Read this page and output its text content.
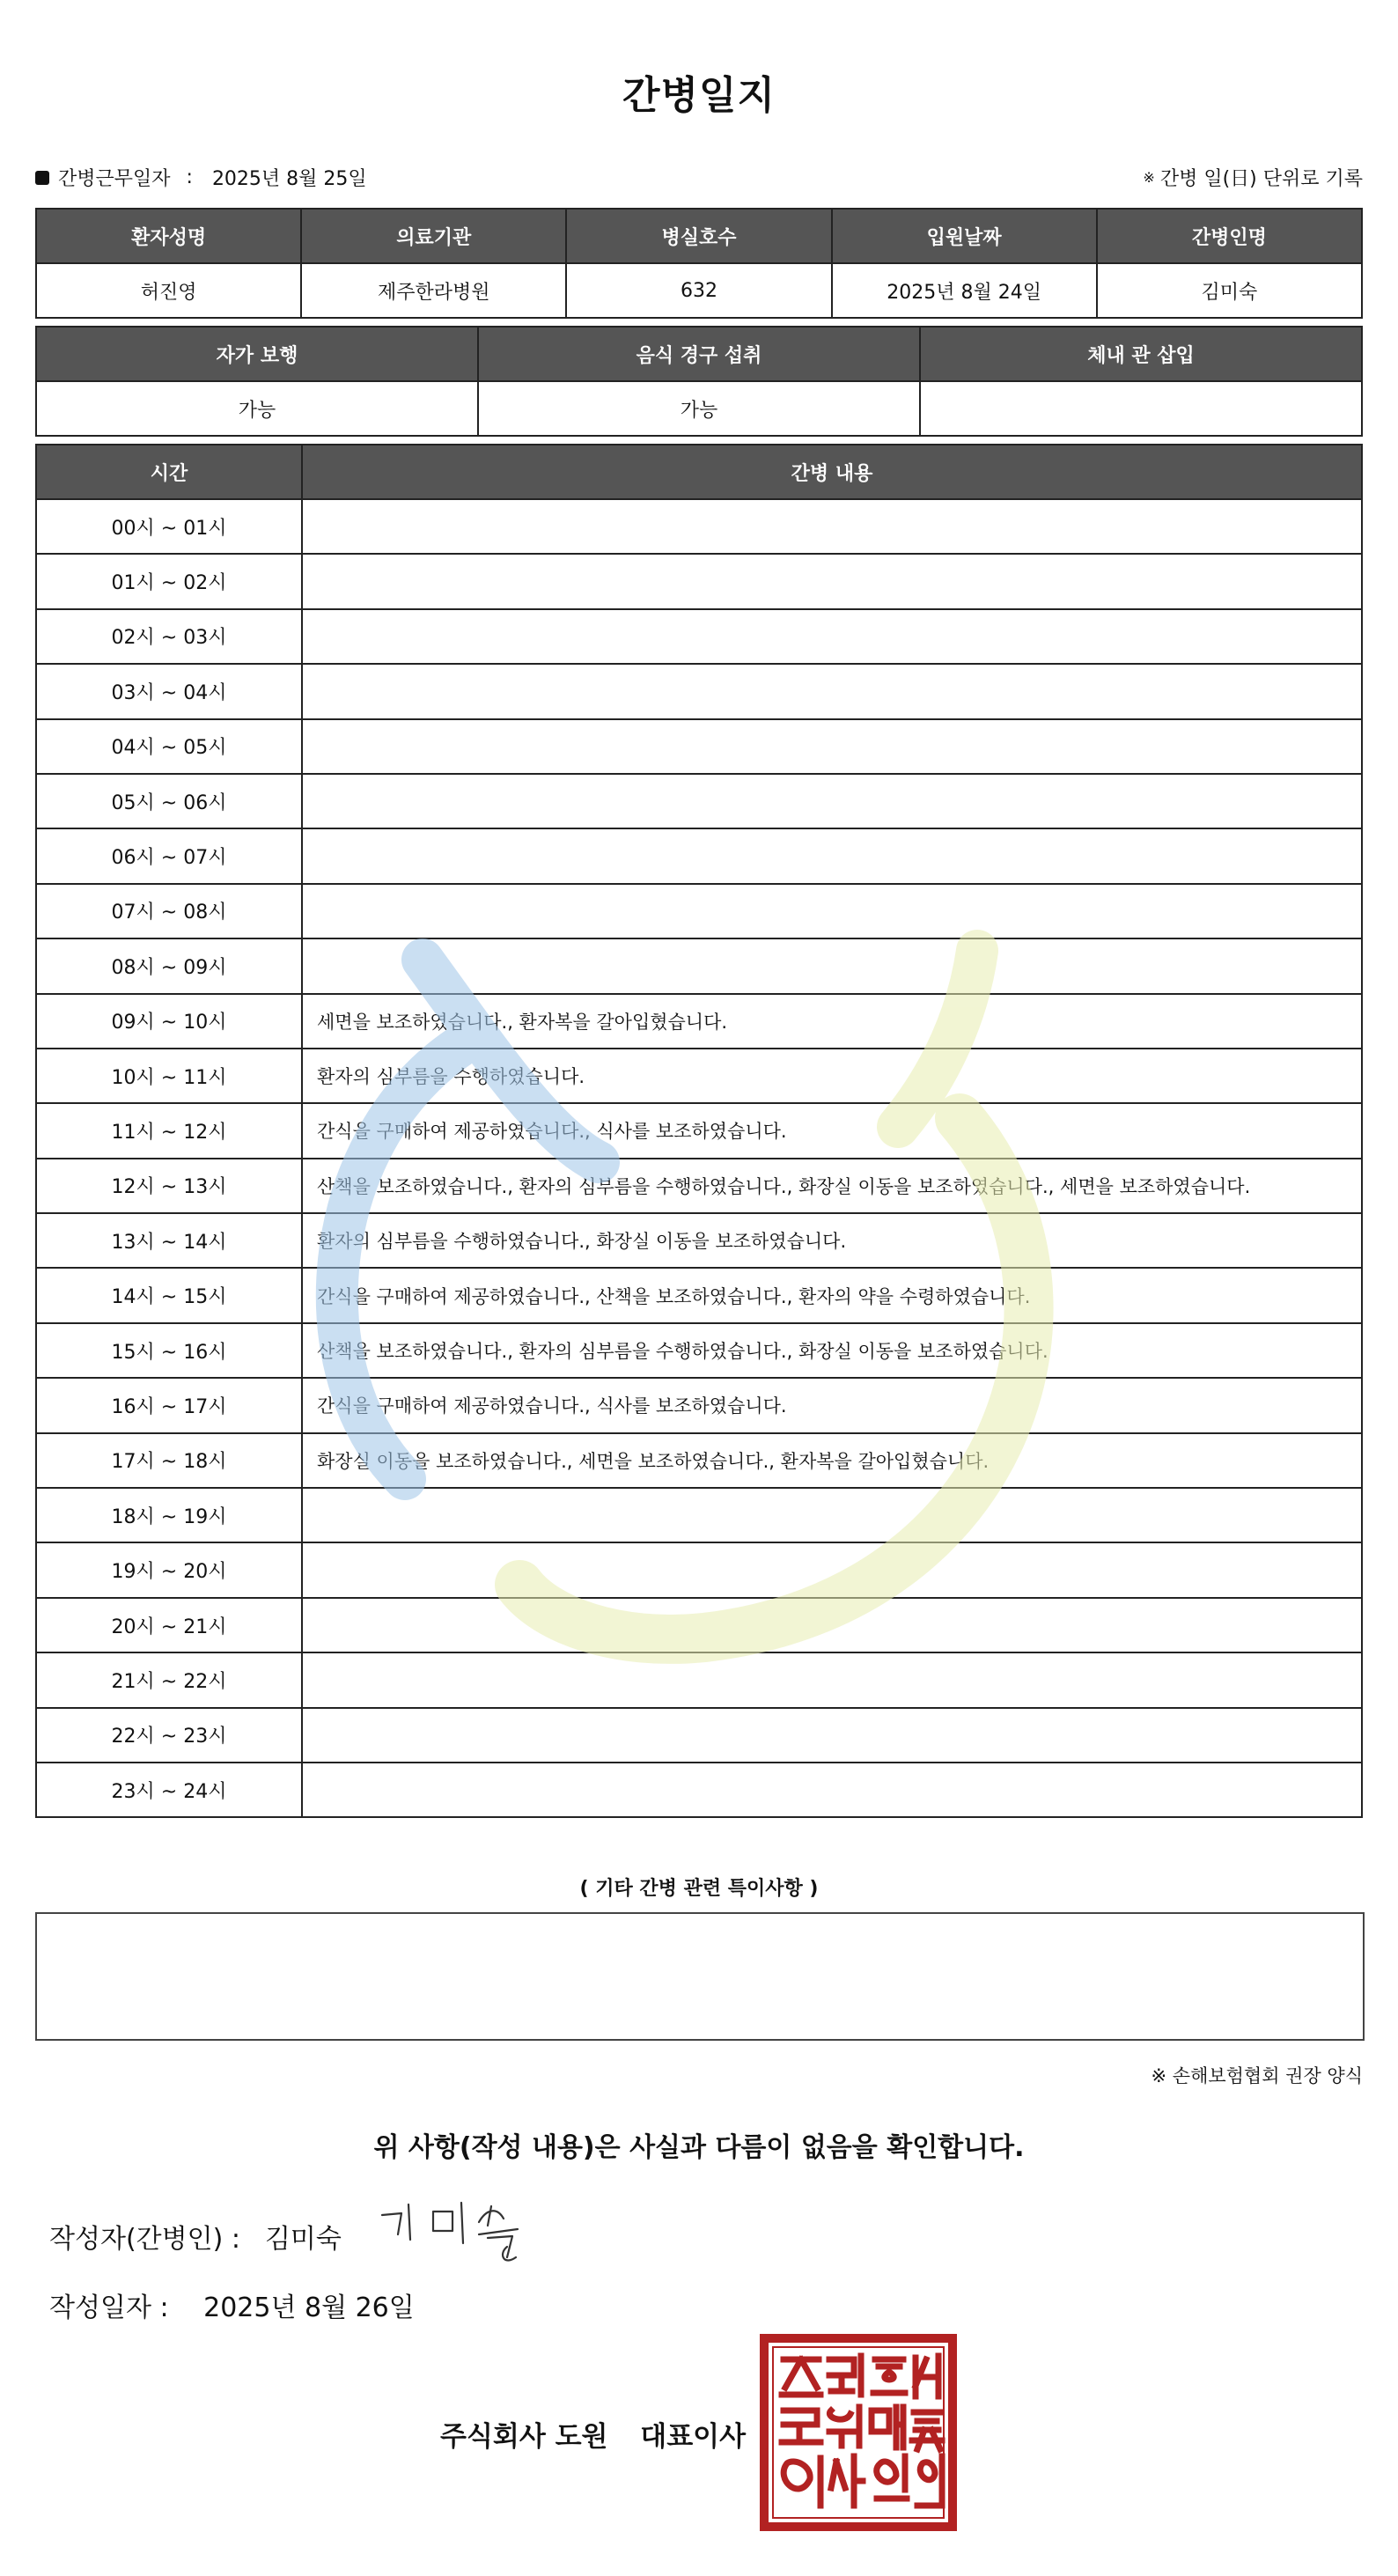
간병일지
간병근무일자 : 2025년 8월 25일	※ 간병 일(日) 단위로 기록
환자성명	의료기관	병실호수	입원날짜	간병인명
허진영	제주한라병원	632	2025년 8월 24일	김미숙
자가 보행	음식 경구 섭취	체내 관 삽입
가능	가능	
시간	간병 내용
00시 ~ 01시	
01시 ~ 02시	
02시 ~ 03시	
03시 ~ 04시	
04시 ~ 05시	
05시 ~ 06시	
06시 ~ 07시	
07시 ~ 08시	
08시 ~ 09시	
09시 ~ 10시	세면을 보조하였습니다., 환자복을 갈아입혔습니다.
10시 ~ 11시	환자의 심부름을 수행하였습니다.
11시 ~ 12시	간식을 구매하여 제공하였습니다., 식사를 보조하였습니다.
12시 ~ 13시	산책을 보조하였습니다., 환자의 심부름을 수행하였습니다., 화장실 이동을 보조하였습니다., 세면을 보조하였습니다.
13시 ~ 14시	환자의 심부름을 수행하였습니다., 화장실 이동을 보조하였습니다.
14시 ~ 15시	간식을 구매하여 제공하였습니다., 산책을 보조하였습니다., 환자의 약을 수령하였습니다.
15시 ~ 16시	산책을 보조하였습니다., 환자의 심부름을 수행하였습니다., 화장실 이동을 보조하였습니다.
16시 ~ 17시	간식을 구매하여 제공하였습니다., 식사를 보조하였습니다.
17시 ~ 18시	화장실 이동을 보조하였습니다., 세면을 보조하였습니다., 환자복을 갈아입혔습니다.
18시 ~ 19시	
19시 ~ 20시	
20시 ~ 21시	
21시 ~ 22시	
22시 ~ 23시	
23시 ~ 24시	
( 기타 간병 관련 특이사항 )
※ 손해보험협회 권장 양식
위 사항(작성 내용)은 사실과 다름이 없음을 확인합니다.
작성자(간병인) : 김미숙
작성일자 : 2025년 8월 26일
주식회사 도원 대표이사
